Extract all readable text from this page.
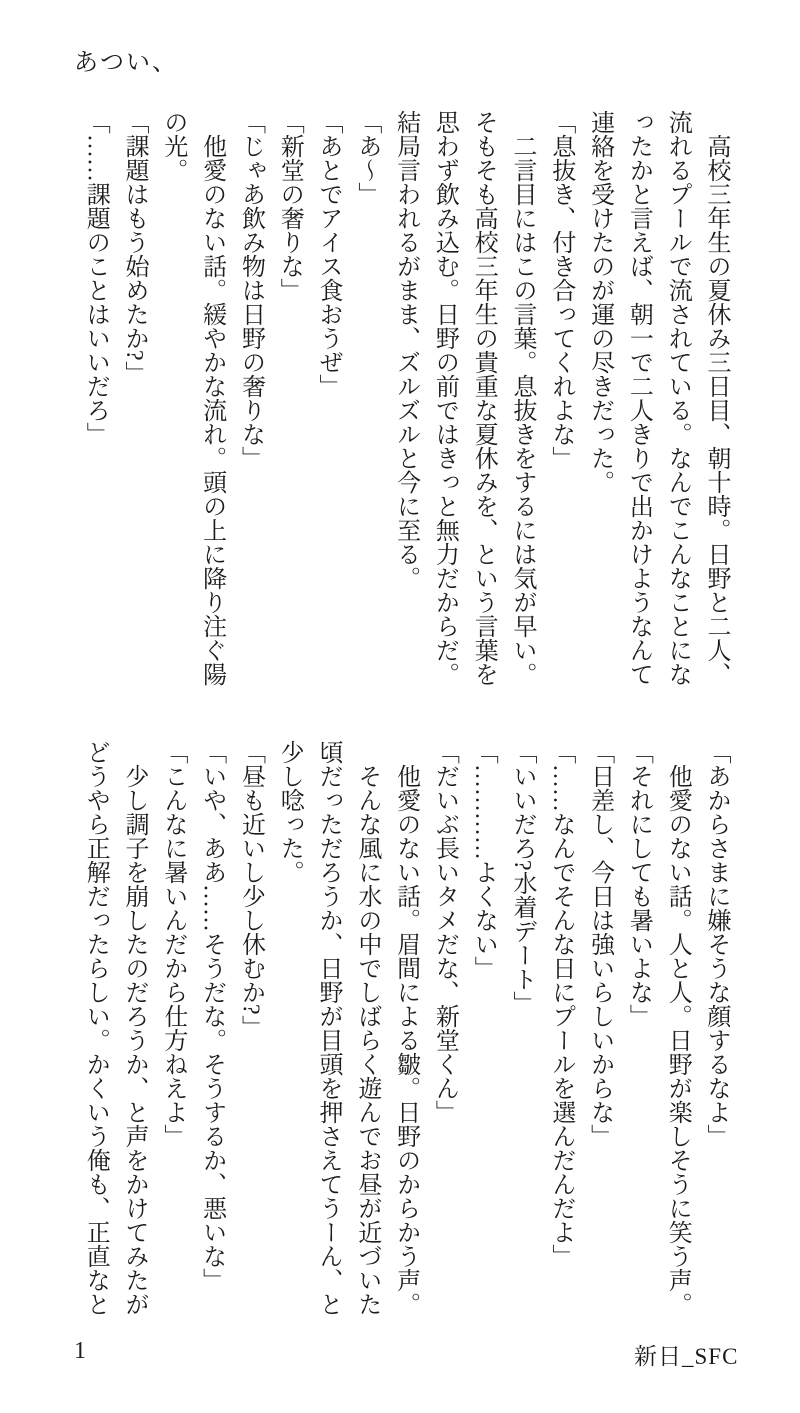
あつい、

高校三年生の夏休み三日目、朝十時。日野と二人、流れるプールで流されている。なんでこんなことになったかと言えば、朝一で二人きりで出かけようなんて連絡を受けたのが運の尽きだった。

「息抜き、付き合ってくれよな」

二言目にはこの言葉。息抜きをするには気が早い。そもそも高校三年生の貴重な夏休みを、という言葉を思わず飲み込む。日野の前ではきっと無力だからだ。結局言われるがまま、ズルズルと今に至る。

「あ〜」

「あとでアイス食おうぜ」

「新堂の奢りな」

「じゃあ飲み物は日野の奢りな」

他愛のない話。緩やかな流れ。頭の上に降り注ぐ陽の光。

「課題はもう始めたか?」

「……課題のことはいいだろ」

「あからさまに嫌そうな顔するなよ」

他愛のない話。人と人。日野が楽しそうに笑う声。

「それにしても暑いよな」

「日差し、今日は強いらしいからな」

「……なんでそんな日にプールを選んだんだよ」

「いいだろ?水着デート」

「…………よくない」

「だいぶ長いタメだな、新堂くん」

他愛のない話。眉間による皺。日野のからかう声。

そんな風に水の中でしばらく遊んでお昼が近づいた頃だっただろうか、日野が目頭を押さえてうーん、と少し唸った。

「昼も近いし少し休むか?」

「いや、ああ……そうだな。そうするか、悪いな」

「こんなに暑いんだから仕方ねえよ」

少し調子を崩したのだろうか、と声をかけてみたがどうやら正解だったらしい。かくいう俺も、正直なと

1	新日_SFC
